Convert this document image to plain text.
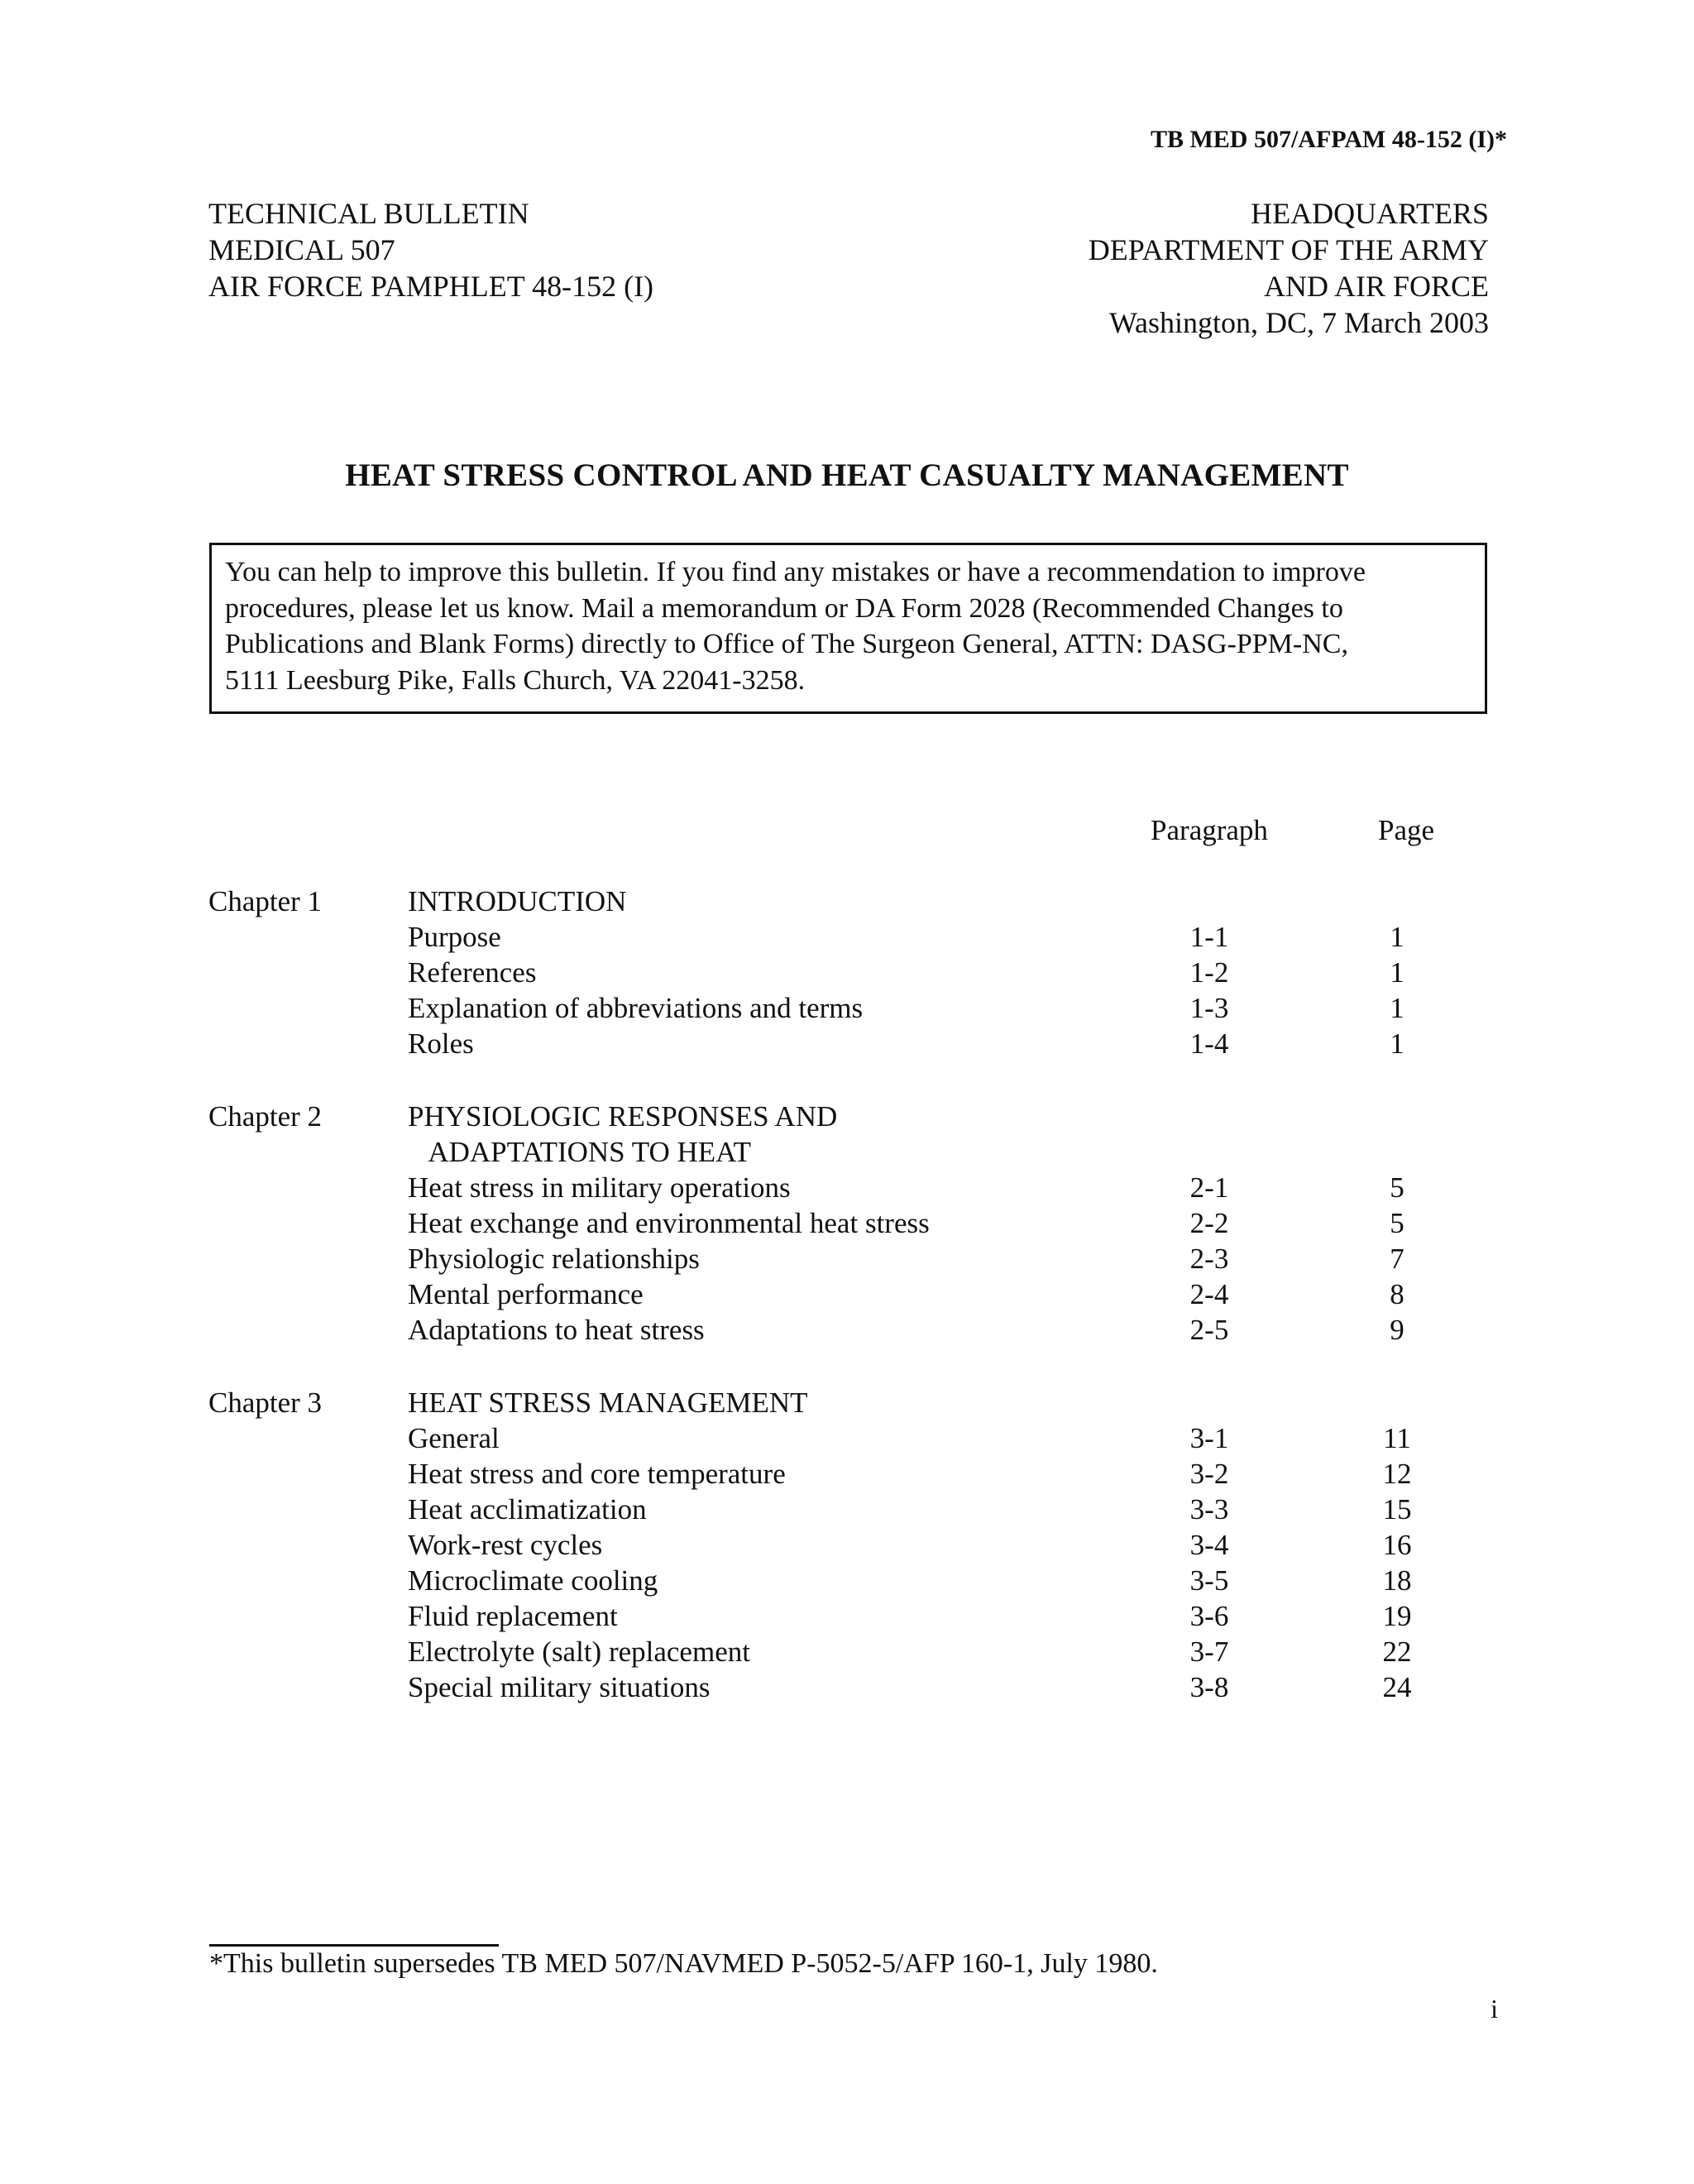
TB MED 507/AFPAM 48-152 (I)*
TECHNICAL BULLETIN
MEDICAL 507
AIR FORCE PAMPHLET 48-152 (I)
HEADQUARTERS
DEPARTMENT OF THE ARMY
AND AIR FORCE
Washington, DC, 7 March 2003
HEAT STRESS CONTROL AND HEAT CASUALTY MANAGEMENT
You can help to improve this bulletin. If you find any mistakes or have a recommendation to improve
procedures, please let us know. Mail a memorandum or DA Form 2028 (Recommended Changes to
Publications and Blank Forms) directly to Office of The Surgeon General, ATTN: DASG-PPM-NC,
5111 Leesburg Pike, Falls Church, VA 22041-3258.
Paragraph	Page
Chapter 1	INTRODUCTION
Purpose	1-1	1
References	1-2	1
Explanation of abbreviations and terms	1-3	1
Roles	1-4	1
Chapter 2	PHYSIOLOGIC RESPONSES AND
ADAPTATIONS TO HEAT
Heat stress in military operations	2-1	5
Heat exchange and environmental heat stress	2-2	5
Physiologic relationships	2-3	7
Mental performance	2-4	8
Adaptations to heat stress	2-5	9
Chapter 3	HEAT STRESS MANAGEMENT
General	3-1	11
Heat stress and core temperature	3-2	12
Heat acclimatization	3-3	15
Work-rest cycles	3-4	16
Microclimate cooling	3-5	18
Fluid replacement	3-6	19
Electrolyte (salt) replacement	3-7	22
Special military situations	3-8	24
*This bulletin supersedes TB MED 507/NAVMED P-5052-5/AFP 160-1, July 1980.
i
